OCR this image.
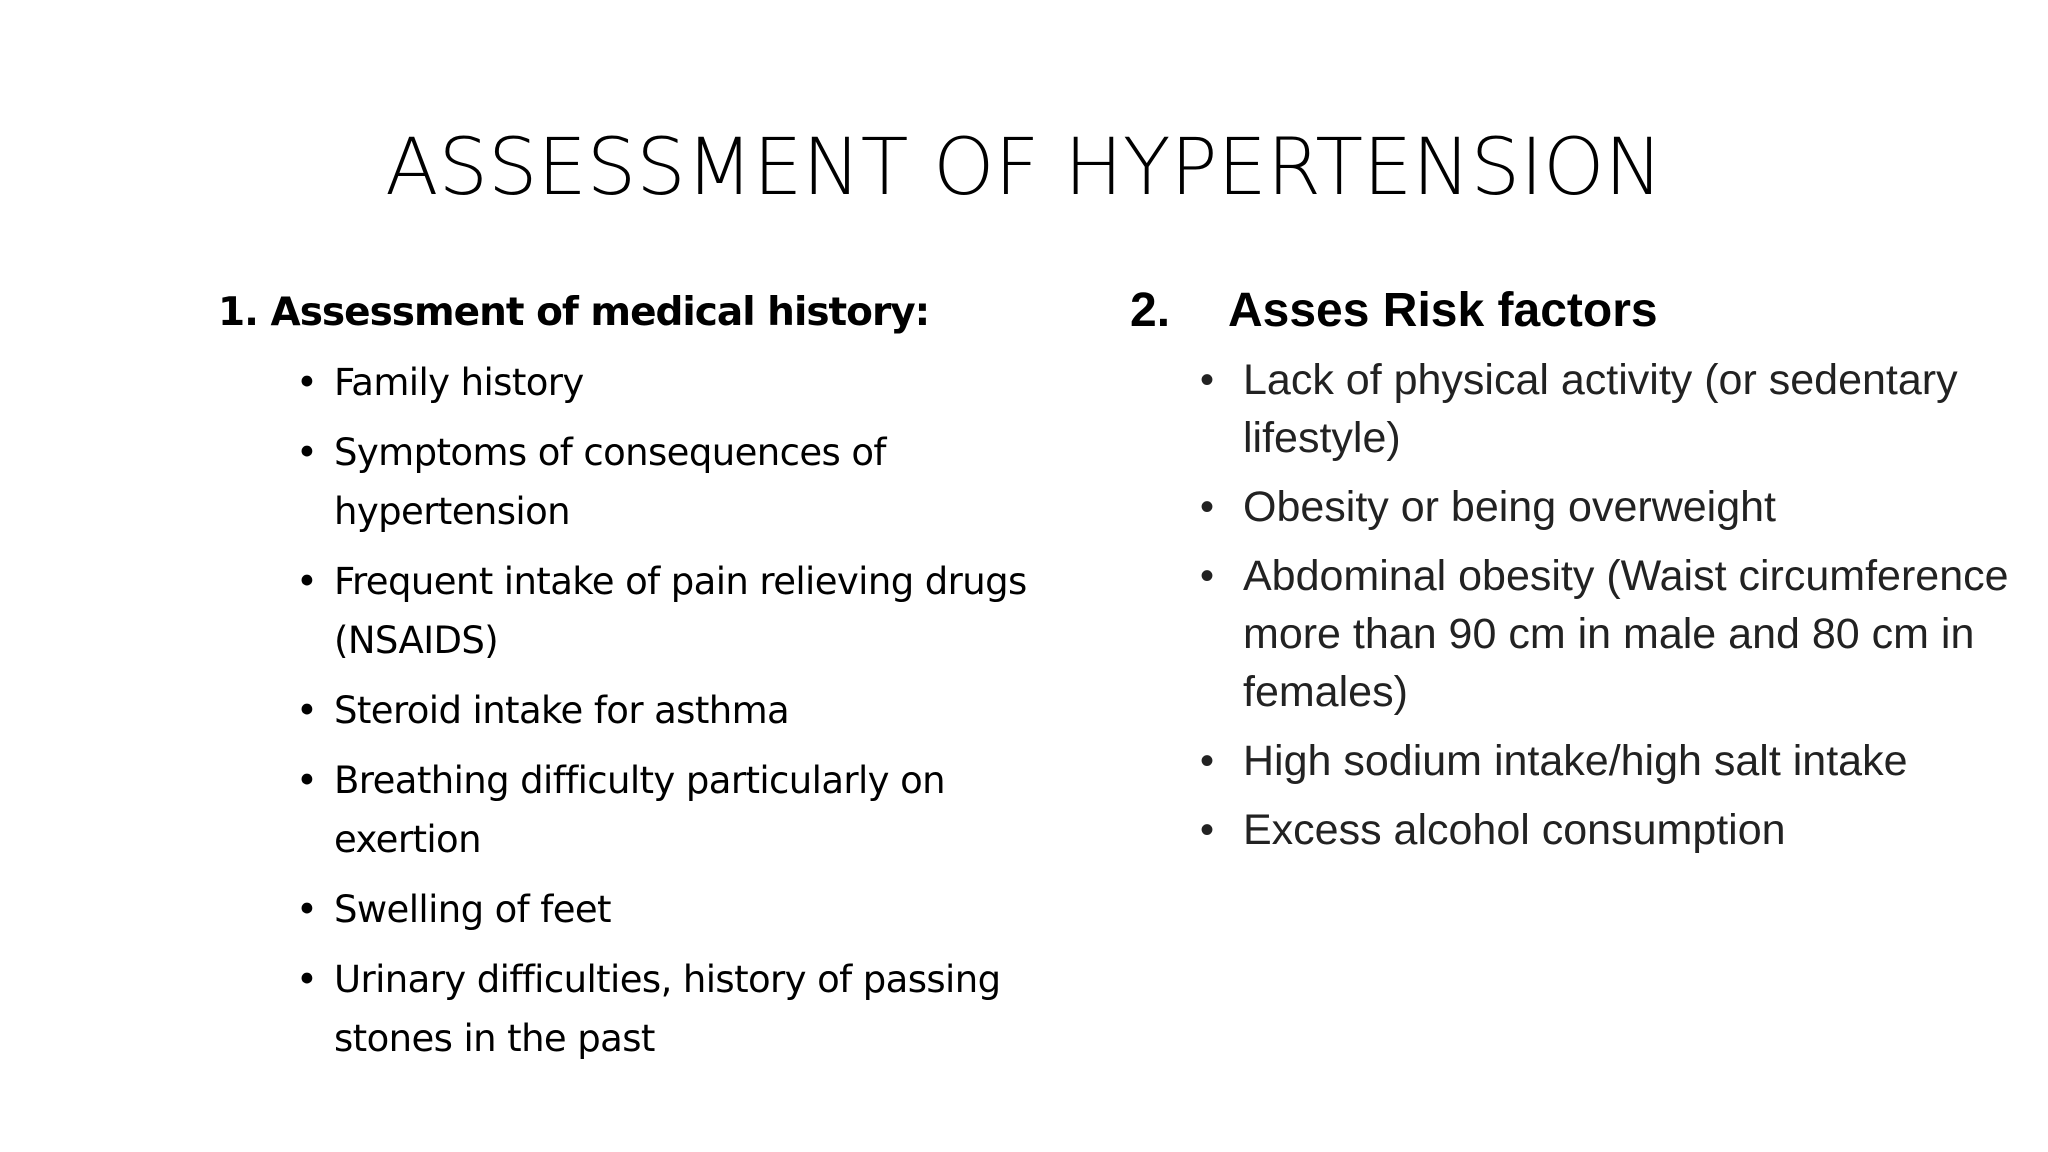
ASSESSMENT OF HYPERTENSION

1. Assessment of medical history:

• Family history
• Symptoms of consequences of hypertension
• Frequent intake of pain relieving drugs (NSAIDS)
• Steroid intake for asthma
• Breathing difficulty particularly on exertion
• Swelling of feet
• Urinary difficulties, history of passing stones in the past

2.	Asses Risk factors

• Lack of physical activity (or sedentary lifestyle)
• Obesity or being overweight
• Abdominal obesity (Waist circumference more than 90 cm in male and 80 cm in females)
• High sodium intake/high salt intake
• Excess alcohol consumption
